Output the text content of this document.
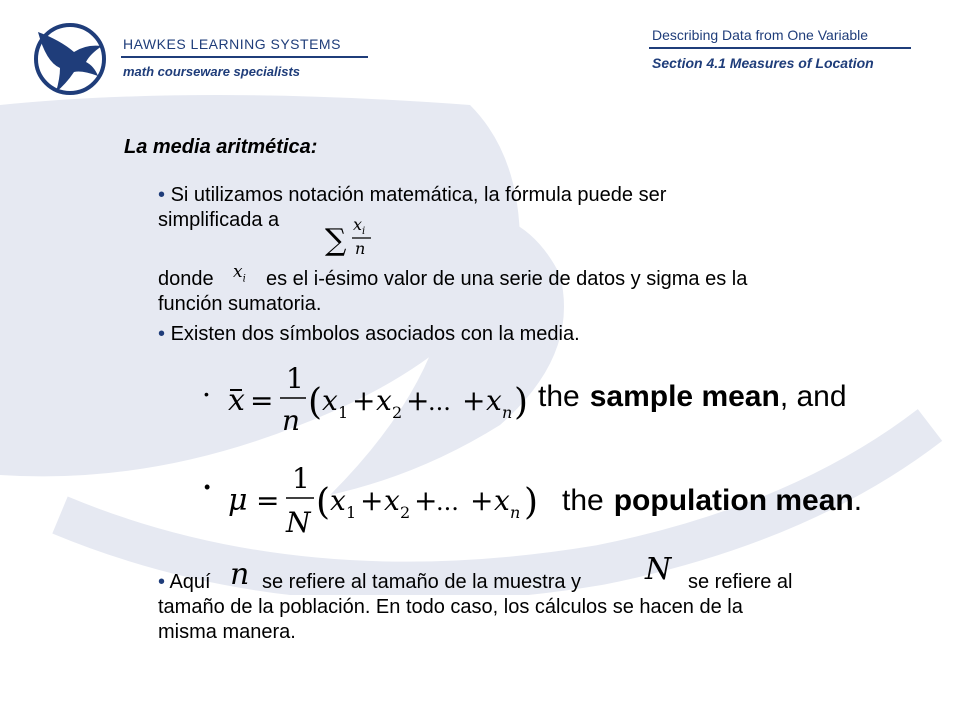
HAWKES LEARNING SYSTEMS
math courseware specialists
Describing Data from One Variable
Section 4.1 Measures of Location
La media aritmética:
• Si utilizamos notación matemática, la fórmula puede ser
simplificada a
∑ x i
n
donde $x_i$ es el i-ésimo valor de una serie de datos y sigma es la
función sumatoria.
• Existen dos símbolos asociados con la media.
• x =
1
n ( x 1 + x 2 +
... + x n ) the sample mean, and
• μ =
1
N ( x 1 + x 2 +
... + x n ) the population mean.
• Aquí n se refiere al tamaño de la muestra y N se refiere al
tamaño de la población. En todo caso, los cálculos se hacen de la
misma manera.
